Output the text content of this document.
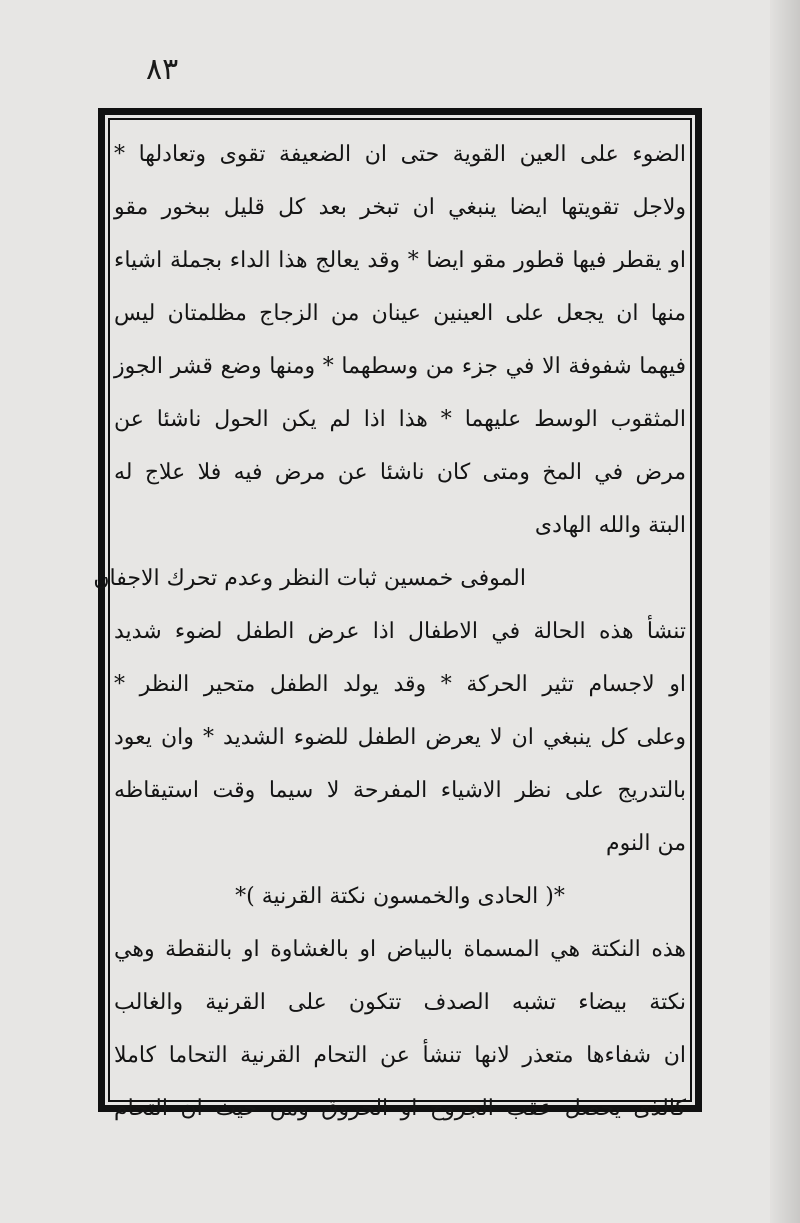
٨٣
الضوء على العين القوية حتى ان الضعيفة تقوى وتعادلها *
ولاجل تقويتها ايضا ينبغي ان تبخر بعد كل قليل ببخور مقو
او يقطر فيها قطور مقو ايضا * وقد يعالج هذا الداء بجملة اشياء
منها ان يجعل على العينين عينان من الزجاج مظلمتان ليس
فيهما شفوفة الا في جزء من وسطهما * ومنها وضع قشر الجوز
المثقوب الوسط عليهما * هذا اذا لم يكن الحول ناشئا عن
مرض في المخ ومتى كان ناشئا عن مرض فيه فلا علاج له
البتة والله الهادى
الموفى خمسين ثبات النظر وعدم تحرك الاجفان
تنشأ هذه الحالة في الاطفال اذا عرض الطفل لضوء شديد
او لاجسام تثير الحركة * وقد يولد الطفل متحير النظر *
وعلى كل ينبغي ان لا يعرض الطفل للضوء الشديد * وان يعود
بالتدريج على نظر الاشياء المفرحة لا سيما وقت استيقاظه
من النوم
*( الحادى والخمسون نكتة القرنية )*
هذه النكتة هي المسماة بالبياض او بالغشاوة او بالنقطة وهي
نكتة بيضاء تشبه الصدف تتكون على القرنية والغالب
ان شفاءها متعذر لانها تنشأ عن التحام القرنية التحاما كاملا
كالذى يحصل عقب الجروح او الحروق ومن حيث ان التحام
